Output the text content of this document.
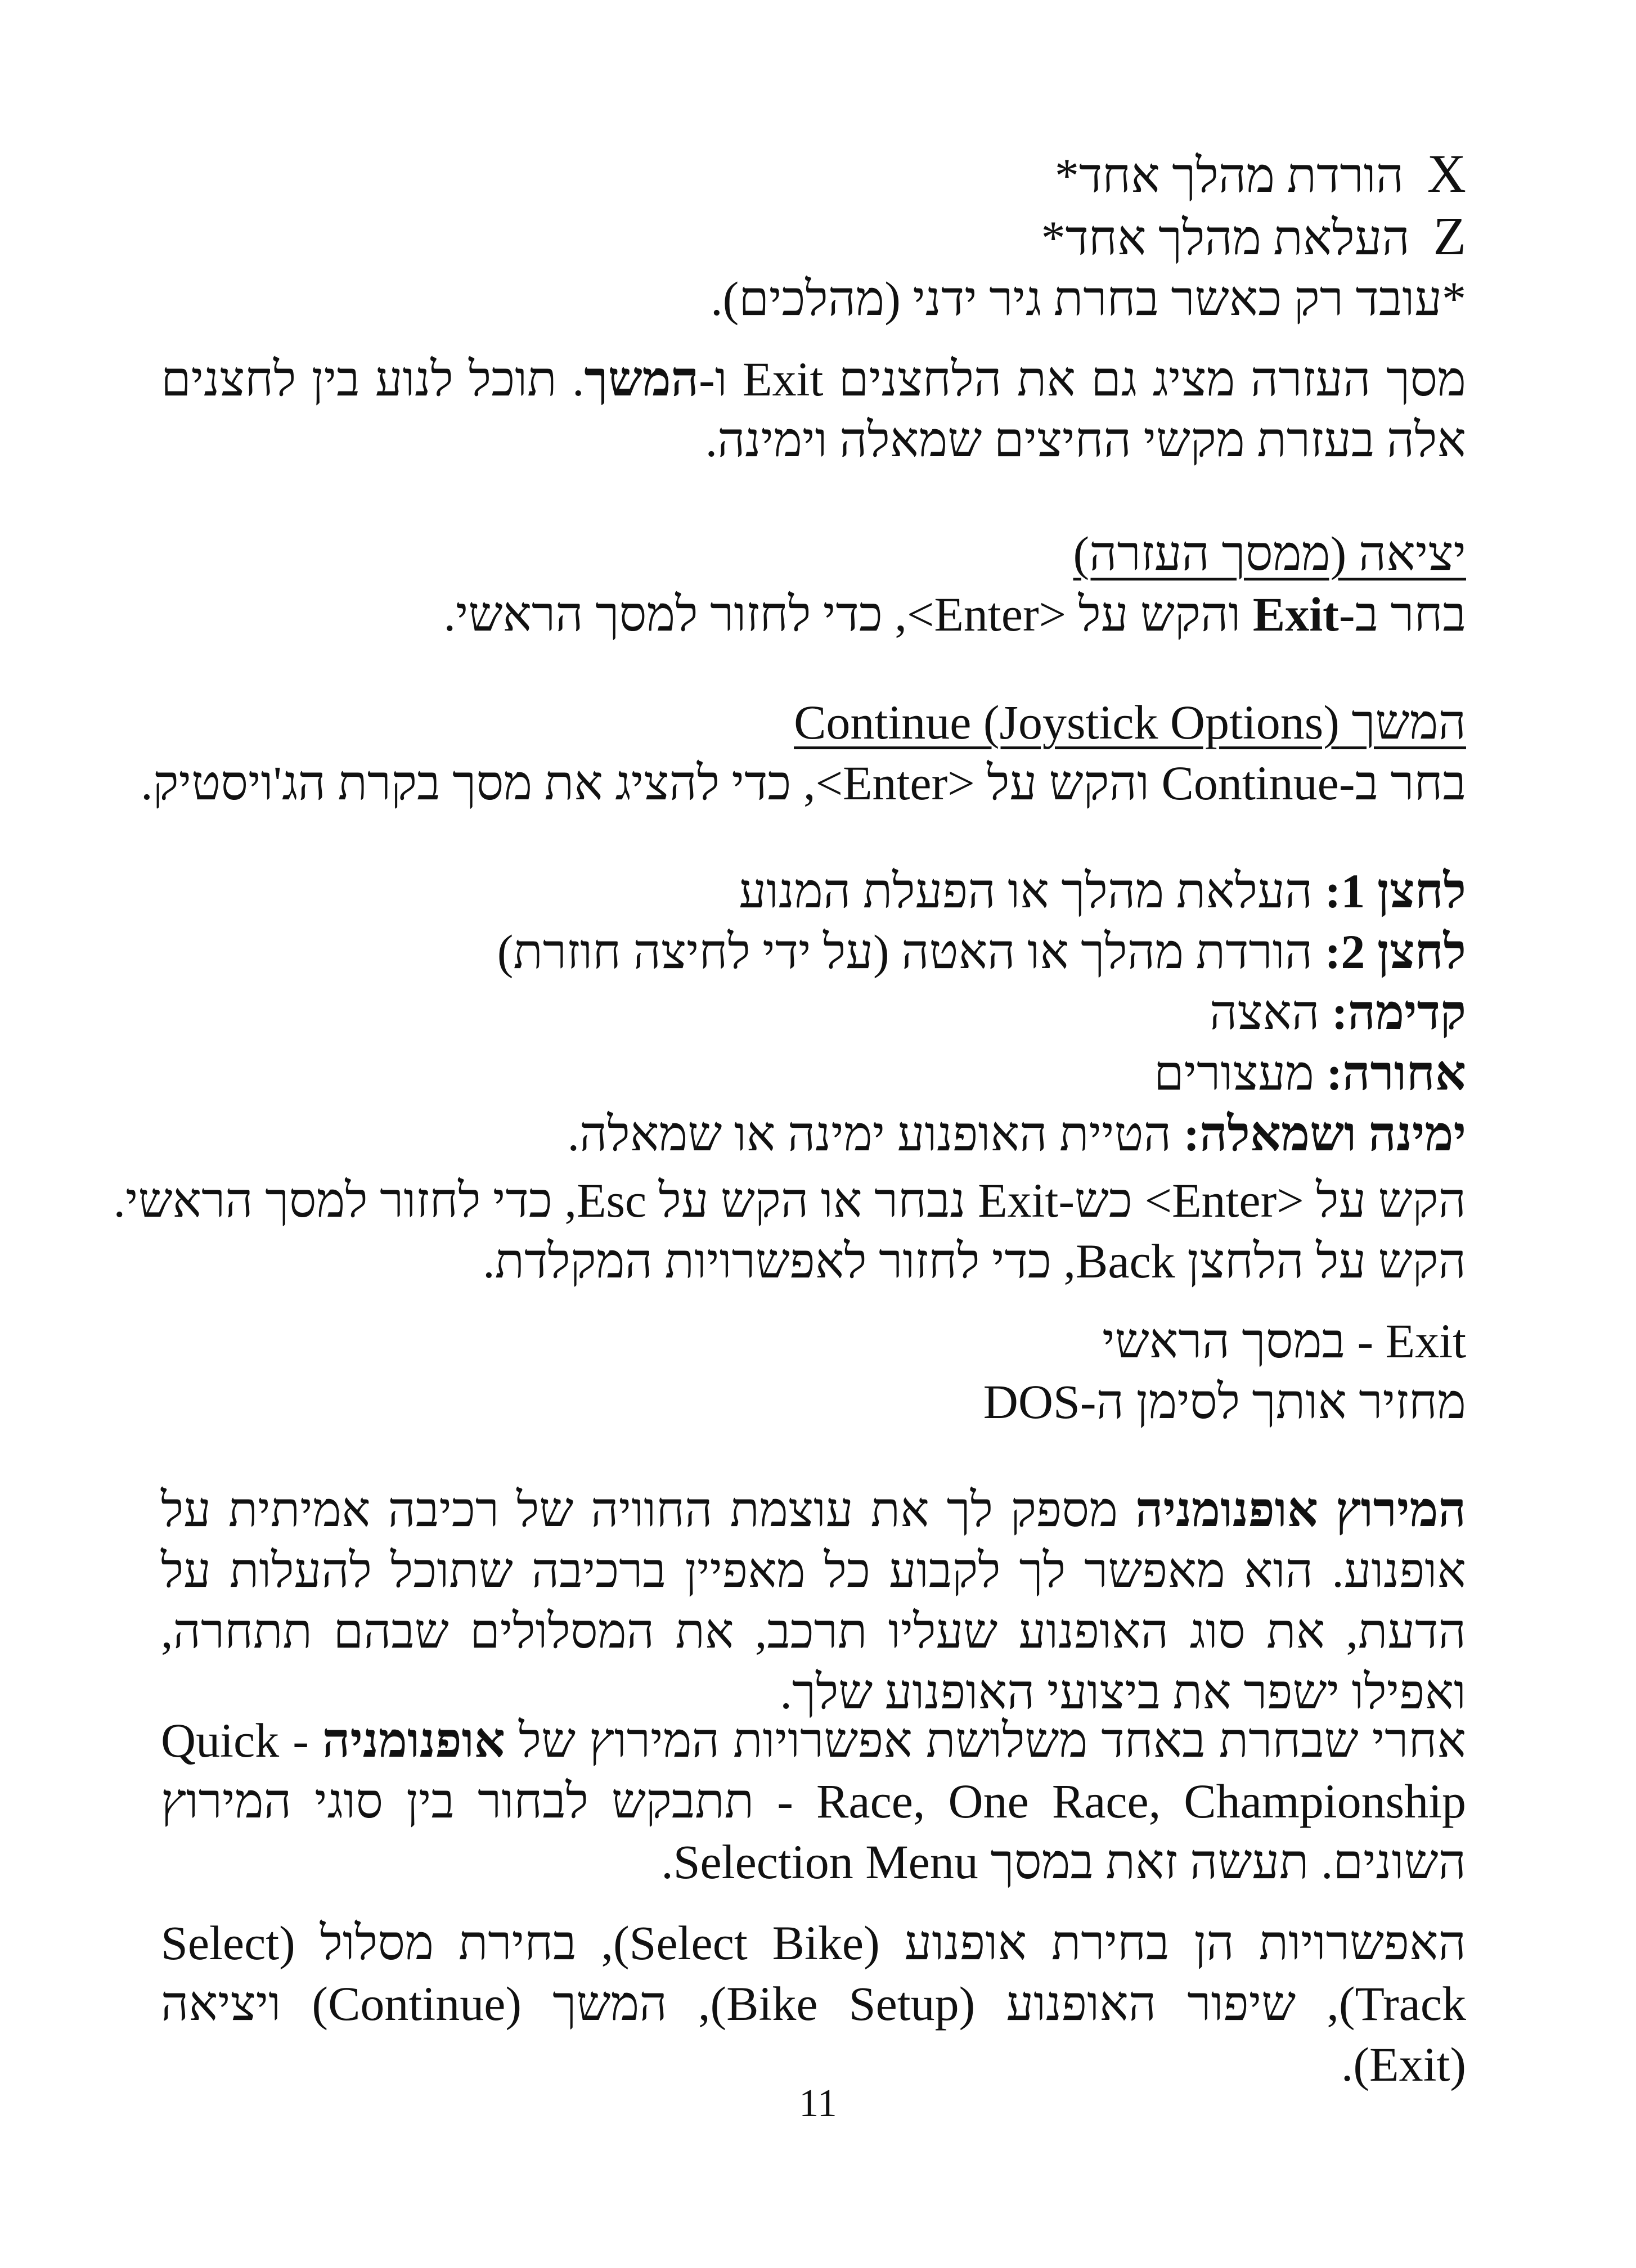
X הורדת מהלך אחד*
Z העלאת מהלך אחד*
*עובד רק כאשר בחרת גיר ידני (מהלכים).
מסך העזרה מציג גם את הלחצנים Exit ו-המשך. תוכל לנוע בין לחצנים אלה בעזרת מקשי החיצים שמאלה וימינה.
יציאה (ממסך העזרה)
בחר ב-Exit והקש על <Enter>, כדי לחזור למסך הראשי.
המשך Continue (Joystick Options)
בחר ב-Continue והקש על <Enter>, כדי להציג את מסך בקרת הג'ויסטיק.
לחצן 1: העלאת מהלך או הפעלת המנוע
לחצן 2: הורדת מהלך או האטה (על ידי לחיצה חוזרת)
קדימה: האצה
אחורה: מעצורים
ימינה ושמאלה: הטיית האופנוע ימינה או שמאלה.
הקש על <Enter> כש-Exit נבחר או הקש על Esc, כדי לחזור למסך הראשי.
הקש על הלחצן Back, כדי לחזור לאפשרויות המקלדת.
Exit - במסך הראשי
מחזיר אותך לסימן ה-DOS
המירוץ אופנומניה מספק לך את עוצמת החוויה של רכיבה אמיתית על אופנוע. הוא מאפשר לך לקבוע כל מאפיין ברכיבה שתוכל להעלות על הדעת, את סוג האופנוע שעליו תרכב, את המסלולים שבהם תתחרה, ואפילו ישפר את ביצועי האופנוע שלך.
אחרי שבחרת באחד משלושת אפשרויות המירוץ של אופנומניה - Quick Race, One Race, Championship - תתבקש לבחור בין סוגי המירוץ השונים. תעשה זאת במסך Selection Menu.
האפשרויות הן בחירת אופנוע (Select Bike), בחירת מסלול (Select Track), שיפור האופנוע (Bike Setup), המשך (Continue) ויציאה (Exit).
11
